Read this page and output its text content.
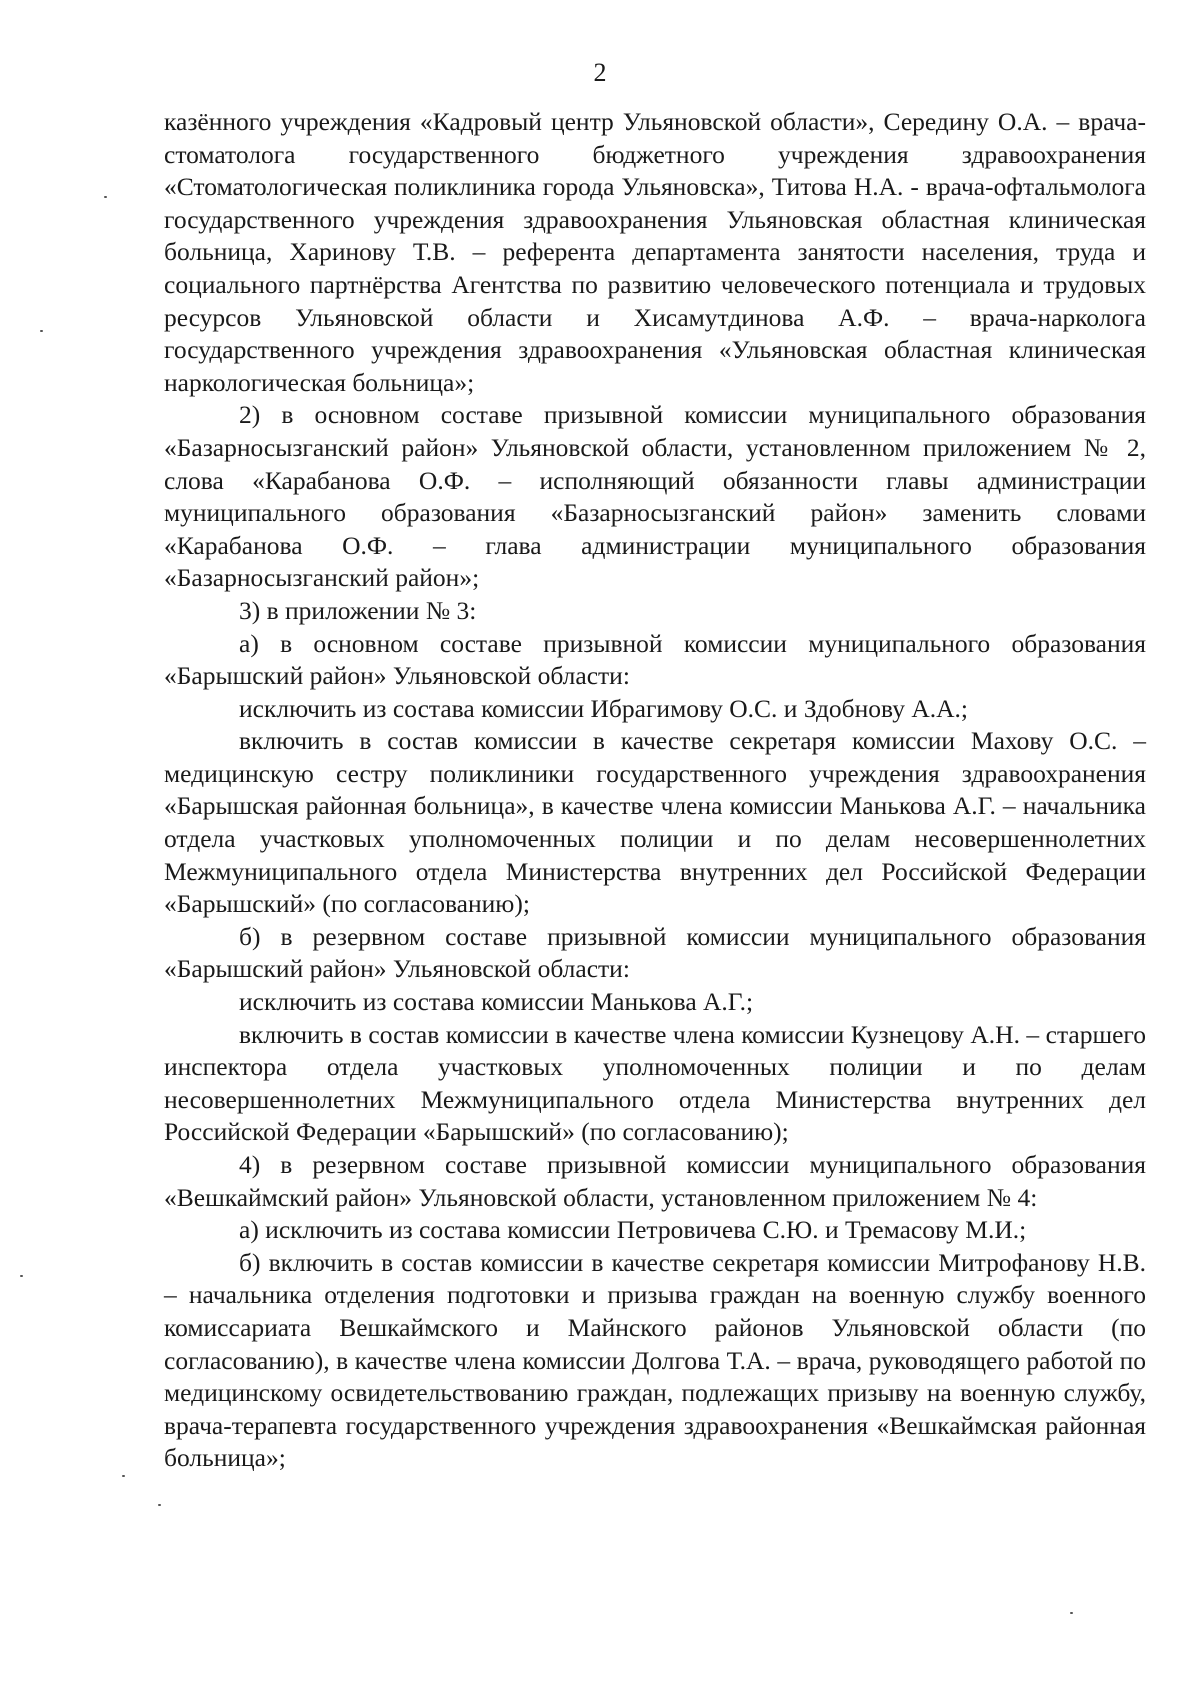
2

казённого учреждения «Кадровый центр Ульяновской области», Середину О.А. – врача-стоматолога государственного бюджетного учреждения здравоохранения «Стоматологическая поликлиника города Ульяновска», Титова Н.А. - врача-офтальмолога государственного учреждения здравоохранения Ульяновская областная клиническая больница, Харинову Т.В. – референта департамента занятости населения, труда и социального партнёрства Агентства по развитию человеческого потенциала и трудовых ресурсов Ульяновской области и Хисамутдинова А.Ф. – врача-нарколога государственного учреждения здравоохранения «Ульяновская областная клиническая наркологическая больница»;

2) в основном составе призывной комиссии муниципального образования «Базарносызганский район» Ульяновской области, установленном приложением № 2, слова «Карабанова О.Ф. – исполняющий обязанности главы администрации муниципального образования «Базарносызганский район» заменить словами «Карабанова О.Ф. – глава администрации муниципального образования «Базарносызганский район»;

3) в приложении № 3:

а) в основном составе призывной комиссии муниципального образования «Барышский район» Ульяновской области:

исключить из состава комиссии Ибрагимову О.С. и Здобнову А.А.;

включить в состав комиссии в качестве секретаря комиссии Махову О.С. – медицинскую сестру поликлиники государственного учреждения здравоохранения «Барышская районная больница», в качестве члена комиссии Манькова А.Г. – начальника отдела участковых уполномоченных полиции и по делам несовершеннолетних Межмуниципального отдела Министерства внутренних дел Российской Федерации «Барышский» (по согласованию);

б) в резервном составе призывной комиссии муниципального образования «Барышский район» Ульяновской области:

исключить из состава комиссии Манькова А.Г.;

включить в состав комиссии в качестве члена комиссии Кузнецову А.Н. – старшего инспектора отдела участковых уполномоченных полиции и по делам несовершеннолетних Межмуниципального отдела Министерства внутренних дел Российской Федерации «Барышский» (по согласованию);

4) в резервном составе призывной комиссии муниципального образования «Вешкаймский район» Ульяновской области, установленном приложением № 4:

а) исключить из состава комиссии Петровичева С.Ю. и Тремасову М.И.;

б) включить в состав комиссии в качестве секретаря комиссии Митрофанову Н.В. – начальника отделения подготовки и призыва граждан на военную службу военного комиссариата Вешкаймского и Майнского районов Ульяновской области (по согласованию), в качестве члена комиссии Долгова Т.А. – врача, руководящего работой по медицинскому освидетельствованию граждан, подлежащих призыву на военную службу, врача-терапевта государственного учреждения здравоохранения «Вешкаймская районная больница»;
